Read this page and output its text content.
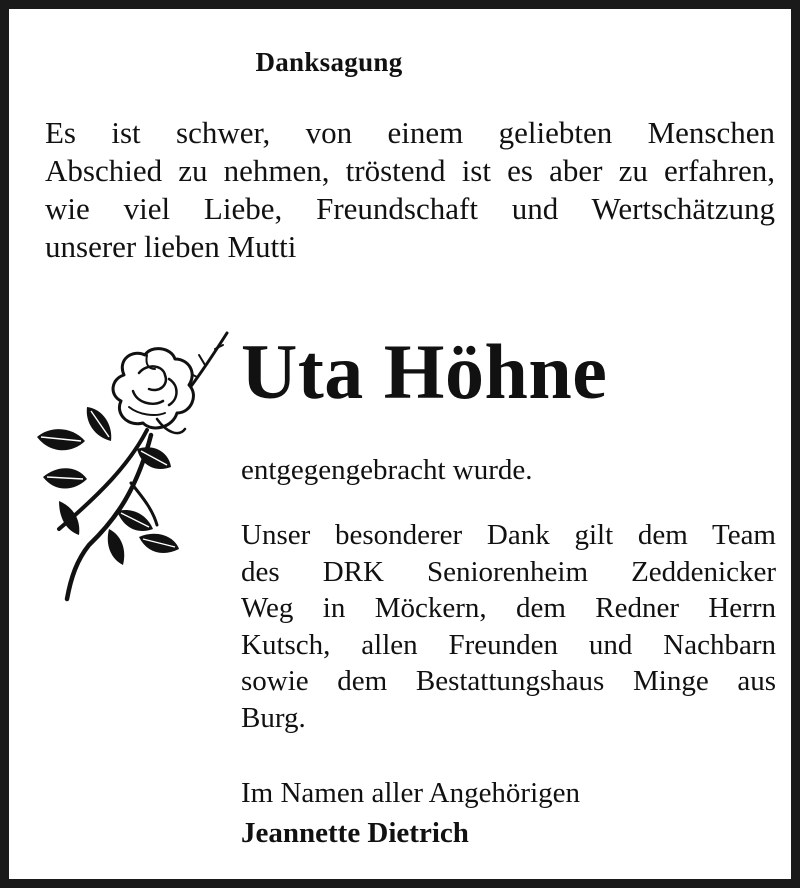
Danksagung
Es ist schwer, von einem geliebten Menschen
Abschied zu nehmen, tröstend ist es aber zu erfahren,
wie viel Liebe, Freundschaft und Wertschätzung
unserer lieben Mutti
Uta Höhne
entgegengebracht wurde.
Unser besonderer Dank gilt dem Team
des DRK Seniorenheim Zeddenicker
Weg in Möckern, dem Redner Herrn
Kutsch, allen Freunden und Nachbarn
sowie dem Bestattungshaus Minge aus
Burg.
Im Namen aller Angehörigen
Jeannette Dietrich
